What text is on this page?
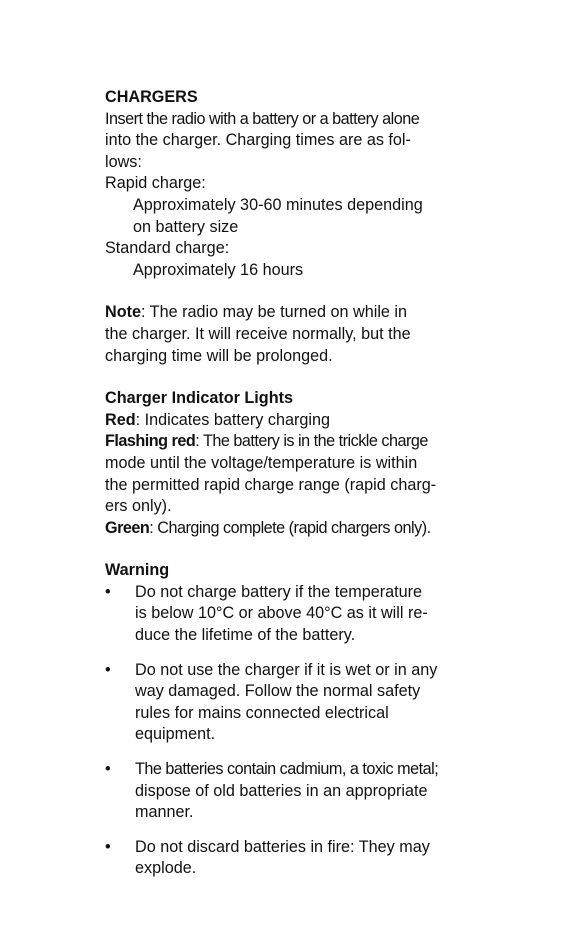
CHARGERS
Insert the radio with a battery or a battery alone
into the charger. Charging times are as fol-
lows:
Rapid charge:
Approximately 30-60 minutes depending
on battery size
Standard charge:
Approximately 16 hours
Note: The radio may be turned on while in
the charger. It will receive normally, but the
charging time will be prolonged.
Charger Indicator Lights
Red: Indicates battery charging
Flashing red: The battery is in the trickle charge
mode until the voltage/temperature is within
the permitted rapid charge range (rapid charg-
ers only).
Green: Charging complete (rapid chargers only).
Warning
• Do not charge battery if the temperature
is below 10°C or above 40°C as it will re-
duce the lifetime of the battery.
• Do not use the charger if it is wet or in any
way damaged. Follow the normal safety
rules for mains connected electrical
equipment.
• The batteries contain cadmium, a toxic metal;
dispose of old batteries in an appropriate
manner.
• Do not discard batteries in fire: They may
explode.
